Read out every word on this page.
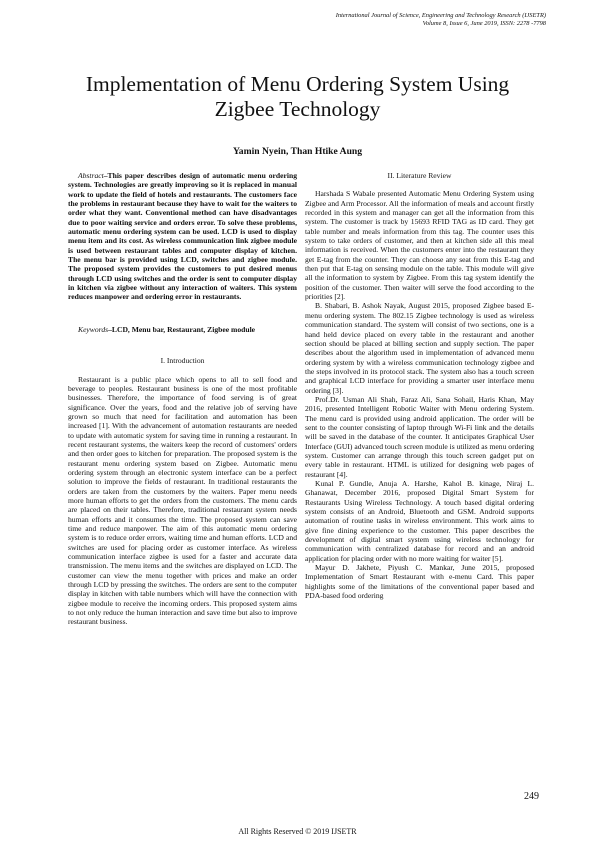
International Journal of Science, Engineering and Technology Research (IJSETR)
Volume 8, Issue 6, June 2019, ISSN: 2278 -7798
Implementation of Menu Ordering System Using
Zigbee Technology
Yamin Nyein, Than Htike Aung

Abstract–This paper describes design of automatic menu ordering system. Technologies are greatly improving so it is replaced in manual work to update the field of hotels and restaurants. The customers face the problems in restaurant because they have to wait for the waiters to order what they want. Conventional method can have disadvantages due to poor waiting service and orders error. To solve these problems, automatic menu ordering system can be used. LCD is used to display menu item and its cost. As wireless communication link zigbee module is used between restaurant tables and computer display of kitchen. The menu bar is provided using LCD, switches and zigbee module. The proposed system provides the customers to put desired menus through LCD using switches and the order is sent to computer display in kitchen via zigbee without any interaction of waiters. This system reduces manpower and ordering error in restaurants.

Keywords–LCD, Menu bar, Restaurant, Zigbee module

I. Introduction

Restaurant is a public place which opens to all to sell food and beverage to peoples. Restaurant business is one of the most profitable businesses. Therefore, the importance of food serving is of great significance. Over the years, food and the relative job of serving have grown so much that need for facilitation and automation has been increased [1]. With the advancement of automation restaurants are needed to update with automatic system for saving time in running a restaurant. In recent restaurant systems, the waiters keep the record of customers' orders and then order goes to kitchen for preparation. The proposed system is the restaurant menu ordering system based on Zigbee. Automatic menu ordering system through an electronic system interface can be a perfect solution to improve the fields of restaurant. In traditional restaurants the orders are taken from the customers by the waiters. Paper menu needs more human efforts to get the orders from the customers. The menu cards are placed on their tables. Therefore, traditional restaurant system needs human efforts and it consumes the time. The proposed system can save time and reduce manpower. The aim of this automatic menu ordering system is to reduce order errors, waiting time and human efforts. LCD and switches are used for placing order as customer interface. As wireless communication interface zigbee is used for a faster and accurate data transmission. The menu items and the switches are displayed on LCD. The customer can view the menu together with prices and make an order through LCD by pressing the switches. The orders are sent to the computer display in kitchen with table numbers which will have the connection with zigbee module to receive the incoming orders. This proposed system aims to not only reduce the human interaction and save time but also to improve restaurant business.

II. Literature Review

Harshada S Wabale presented Automatic Menu Ordering System using Zigbee and Arm Processor. All the information of meals and account firstly recorded in this system and manager can get all the information from this system. The customer is track by 15693 RFID TAG as ID card. They get table number and meals information from this tag. The counter uses this system to take orders of customer, and then at kitchen side all this meal information is received. When the customers enter into the restaurant they get E-tag from the counter. They can choose any seat from this E-tag and then put that E-tag on sensing module on the table. This module will give all the information to system by Zigbee. From this tag system identify the position of the customer. Then waiter will serve the food according to the priorities [2].

B. Shabari, B. Ashok Nayak, August 2015, proposed Zigbee based E-menu ordering system. The 802.15 Zigbee technology is used as wireless communication standard. The system will consist of two sections, one is a hand held device placed on every table in the restaurant and another section should be placed at billing section and supply section. The paper describes about the algorithm used in implementation of advanced menu ordering system by with a wireless communication technology zigbee and the steps involved in its protocol stack. The system also has a touch screen and graphical LCD interface for providing a smarter user interface menu ordering [3].

Prof.Dr. Usman Ali Shah, Faraz Ali, Sana Sohail, Haris Khan, May 2016, presented Intelligent Robotic Waiter with Menu ordering System. The menu card is provided using android application. The order will be sent to the counter consisting of laptop through Wi-Fi link and the details will be saved in the database of the counter. It anticipates Graphical User Interface (GUI) advanced touch screen module is utilized as menu ordering system. Customer can arrange through this touch screen gadget put on every table in restaurant. HTML is utilized for designing web pages of restaurant [4].

Kunal P. Gundle, Anuja A. Harshe, Kahol B. kinage, Niraj L. Ghanawat, December 2016, proposed Digital Smart System for Restaurants Using Wireless Technology. A touch based digital ordering system consists of an Android, Bluetooth and GSM. Android supports automation of routine tasks in wireless environment. This work aims to give fine dining experience to the customer. This paper describes the development of digital smart system using wireless technology for communication with centralized database for record and an android application for placing order with no more waiting for waiter [5].

Mayur D. Jakhete, Piyush C. Mankar, June 2015, proposed Implementation of Smart Restaurant with e-menu Card. This paper highlights some of the limitations of the conventional paper based and PDA-based food ordering

249
All Rights Reserved © 2019 IJSETR
